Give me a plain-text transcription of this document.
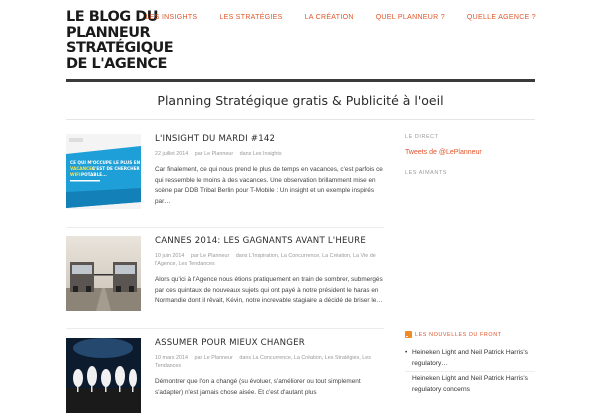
LE BLOG DU PLANNEUR STRATÉGIQUE DE L'AGENCE
LES INSIGHTS	LES STRATÉGIES	LA CRÉATION	QUEL PLANNEUR ?	QUELLE AGENCE ?
Planning Stratégique gratis & Publicité à l'oeil
CE QUI M'OCCUPE LE PLUS EN
VACANCES
C'EST DE CHERCHER UN
WIFI POTABLE...
L'INSIGHT DU MARDI #142
22 juillet 2014 par Le Planneur dans Les Insights

Car finalement, ce qui nous prend le plus de temps en vacances, c'est parfois ce qui ressemble le moins à des vacances. Une observation brillamment mise en scène par DDB Tribal Berlin pour T-Mobile : Un insight et un exemple inspirés par…

CANNES 2014: LES GAGNANTS AVANT L'HEURE
10 juin 2014 par Le Planneur dans L'Inspiration, La Concurrence, La Création, La Vie de l'Agence, Les Tendances

Alors qu'ici à l'Agence nous étions pratiquement en train de sombrer, submergés par ces quintaux de nouveaux sujets qui ont payé à notre président le haras en Normandie dont il rêvait, Kévin, notre increvable stagiaire a décidé de briser le…

ASSUMER POUR MIEUX CHANGER
10 mars 2014 par Le Planneur dans La Concurrence, La Création, Les Stratégies, Les Tendances

Démontrer que l'on a changé (su évoluer, s'améliorer ou tout simplement s'adapter) n'est jamais chose aisée. Et c'est d'autant plus

LE DIRECT
Tweets de @LePlanneur
LES AIMANTS
LES NOUVELLES DU FRONT
• Heineken Light and Neil Patrick Harris's regulatory…
Heineken Light and Neil Patrick Harris's regulatory concerns
